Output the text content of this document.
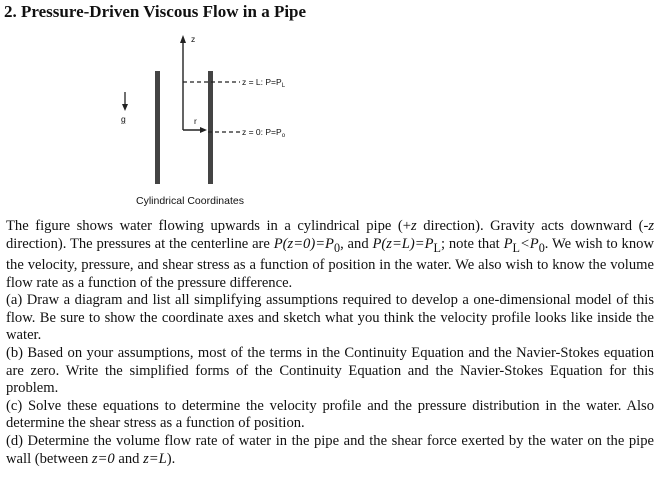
2. Pressure-Driven Viscous Flow in a Pipe
z
r
z = L: $P=P_L$
z = 0: $P=P_o$
g
Cylindrical Coordinates

The figure shows water flowing upwards in a cylindrical pipe (+z direction). Gravity acts downward (-z direction). The pressures at the centerline are $P(z=0)=P_0$, and $P(z=L)=P_L$; note that $P_L<P_0$. We wish to know the velocity, pressure, and shear stress as a function of position in the water. We also wish to know the volume flow rate as a function of the pressure difference.

(a) Draw a diagram and list all simplifying assumptions required to develop a one-dimensional model of this flow. Be sure to show the coordinate axes and sketch what you think the velocity profile looks like inside the water.

(b) Based on your assumptions, most of the terms in the Continuity Equation and the Navier-Stokes equation are zero. Write the simplified forms of the Continuity Equation and the Navier-Stokes Equation for this problem.

(c) Solve these equations to determine the velocity profile and the pressure distribution in the water. Also determine the shear stress as a function of position.

(d) Determine the volume flow rate of water in the pipe and the shear force exerted by the water on the pipe wall (between z=0 and z=L).
